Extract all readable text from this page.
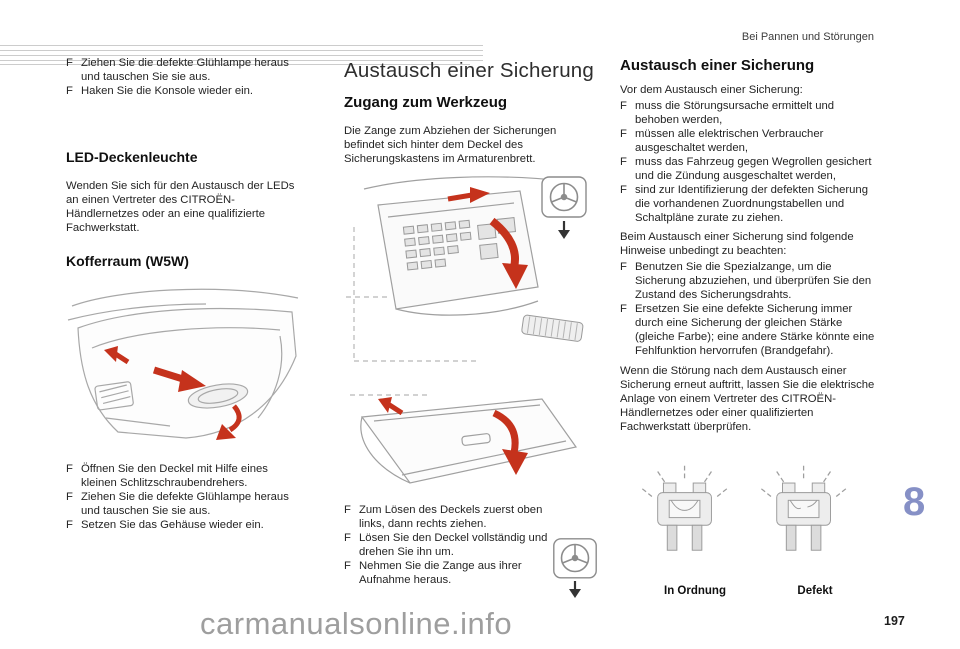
Bei Pannen und Störungen
F Ziehen Sie die defekte Glühlampe heraus und tauschen Sie sie aus.
F Haken Sie die Konsole wieder ein.
LED-Deckenleuchte
Wenden Sie sich für den Austausch der LEDs an einen Vertreter des CITROËN-Händlernetzes oder an eine qualifizierte Fachwerkstatt.
Kofferraum (W5W)
F Öffnen Sie den Deckel mit Hilfe eines kleinen Schlitzschraubendrehers.
F Ziehen Sie die defekte Glühlampe heraus und tauschen Sie sie aus.
F Setzen Sie das Gehäuse wieder ein.
Austausch einer Sicherung
Zugang zum Werkzeug
Die Zange zum Abziehen der Sicherungen befindet sich hinter dem Deckel des Sicherungskastens im Armaturenbrett.
F Zum Lösen des Deckels zuerst oben links, dann rechts ziehen.
F Lösen Sie den Deckel vollständig und drehen Sie ihn um.
F Nehmen Sie die Zange aus ihrer Aufnahme heraus.
Austausch einer Sicherung
Vor dem Austausch einer Sicherung:
F muss die Störungsursache ermittelt und behoben werden,
F müssen alle elektrischen Verbraucher ausgeschaltet werden,
F muss das Fahrzeug gegen Wegrollen gesichert und die Zündung ausgeschaltet werden,
F sind zur Identifizierung der defekten Sicherung die vorhandenen Zuordnungstabellen und Schaltpläne zurate zu ziehen.
Beim Austausch einer Sicherung sind folgende Hinweise unbedingt zu beachten:
F Benutzen Sie die Spezialzange, um die Sicherung abzuziehen, und überprüfen Sie den Zustand des Sicherungsdrahts.
F Ersetzen Sie eine defekte Sicherung immer durch eine Sicherung der gleichen Stärke (gleiche Farbe); eine andere Stärke könnte eine Fehlfunktion hervorrufen (Brandgefahr).
Wenn die Störung nach dem Austausch einer Sicherung erneut auftritt, lassen Sie die elektrische Anlage von einem Vertreter des CITROËN-Händlernetzes oder einer qualifizierten Fachwerkstatt überprüfen.
In Ordnung	Defekt
8
197
carmanualsonline.info
